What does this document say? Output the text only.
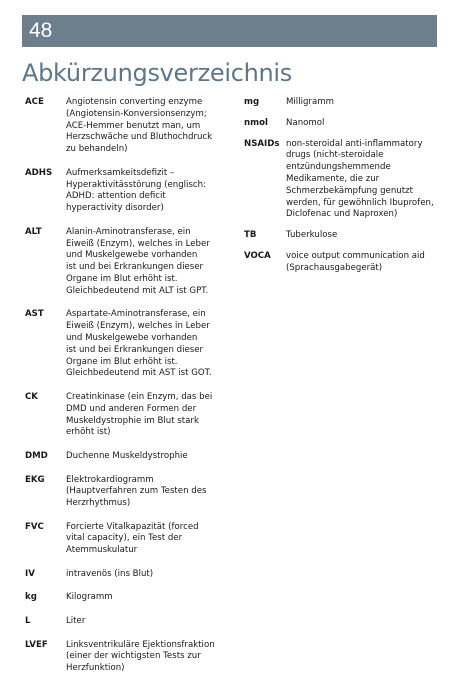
48
Abkürzungsverzeichnis
ACE	Angiotensin converting enzyme
(Angiotensin-Konversionsenzym;
ACE-Hemmer benutzt man, um
Herzschwäche und Bluthochdruck
zu behandeln)
ADHS	Aufmerksamkeitsdefizit –
Hyperaktivitässtörung (englisch:
ADHD: attention deficit
hyperactivity disorder)
ALT	Alanin-Aminotransferase, ein
Eiweiß (Enzym), welches in Leber
und Muskelgewebe vorhanden
ist und bei Erkrankungen dieser
Organe im Blut erhöht ist.
Gleichbedeutend mit ALT ist GPT.
AST	Aspartate-Aminotransferase, ein
Eiweiß (Enzym), welches in Leber
und Muskelgewebe vorhanden
ist und bei Erkrankungen dieser
Organe im Blut erhöht ist.
Gleichbedeutend mit AST ist GOT.
CK	Creatinkinase (ein Enzym, das bei
DMD und anderen Formen der
Muskeldystrophie im Blut stark
erhöht ist)
DMD	Duchenne Muskeldystrophie
EKG	Elektrokardiogramm
(Hauptverfahren zum Testen des
Herzrhythmus)
FVC	Forcierte Vitalkapazität (forced
vital capacity), ein Test der
Atemmuskulatur
IV	intravenös (ins Blut)
kg	Kilogramm
L	Liter
LVEF	Linksventrikuläre Ejektionsfraktion
(einer der wichtigsten Tests zur
Herzfunktion)
mg	Milligramm
nmol	Nanomol
NSAIDs non-steroidal anti-inflammatory
drugs (nicht-steroidale
entzündungshemmende
Medikamente, die zur
Schmerzbekämpfung genutzt
werden, für gewöhnlich Ibuprofen,
Diclofenac und Naproxen)
TB	Tuberkulose
VOCA	voice output communication aid
(Sprachausgabegerät)
